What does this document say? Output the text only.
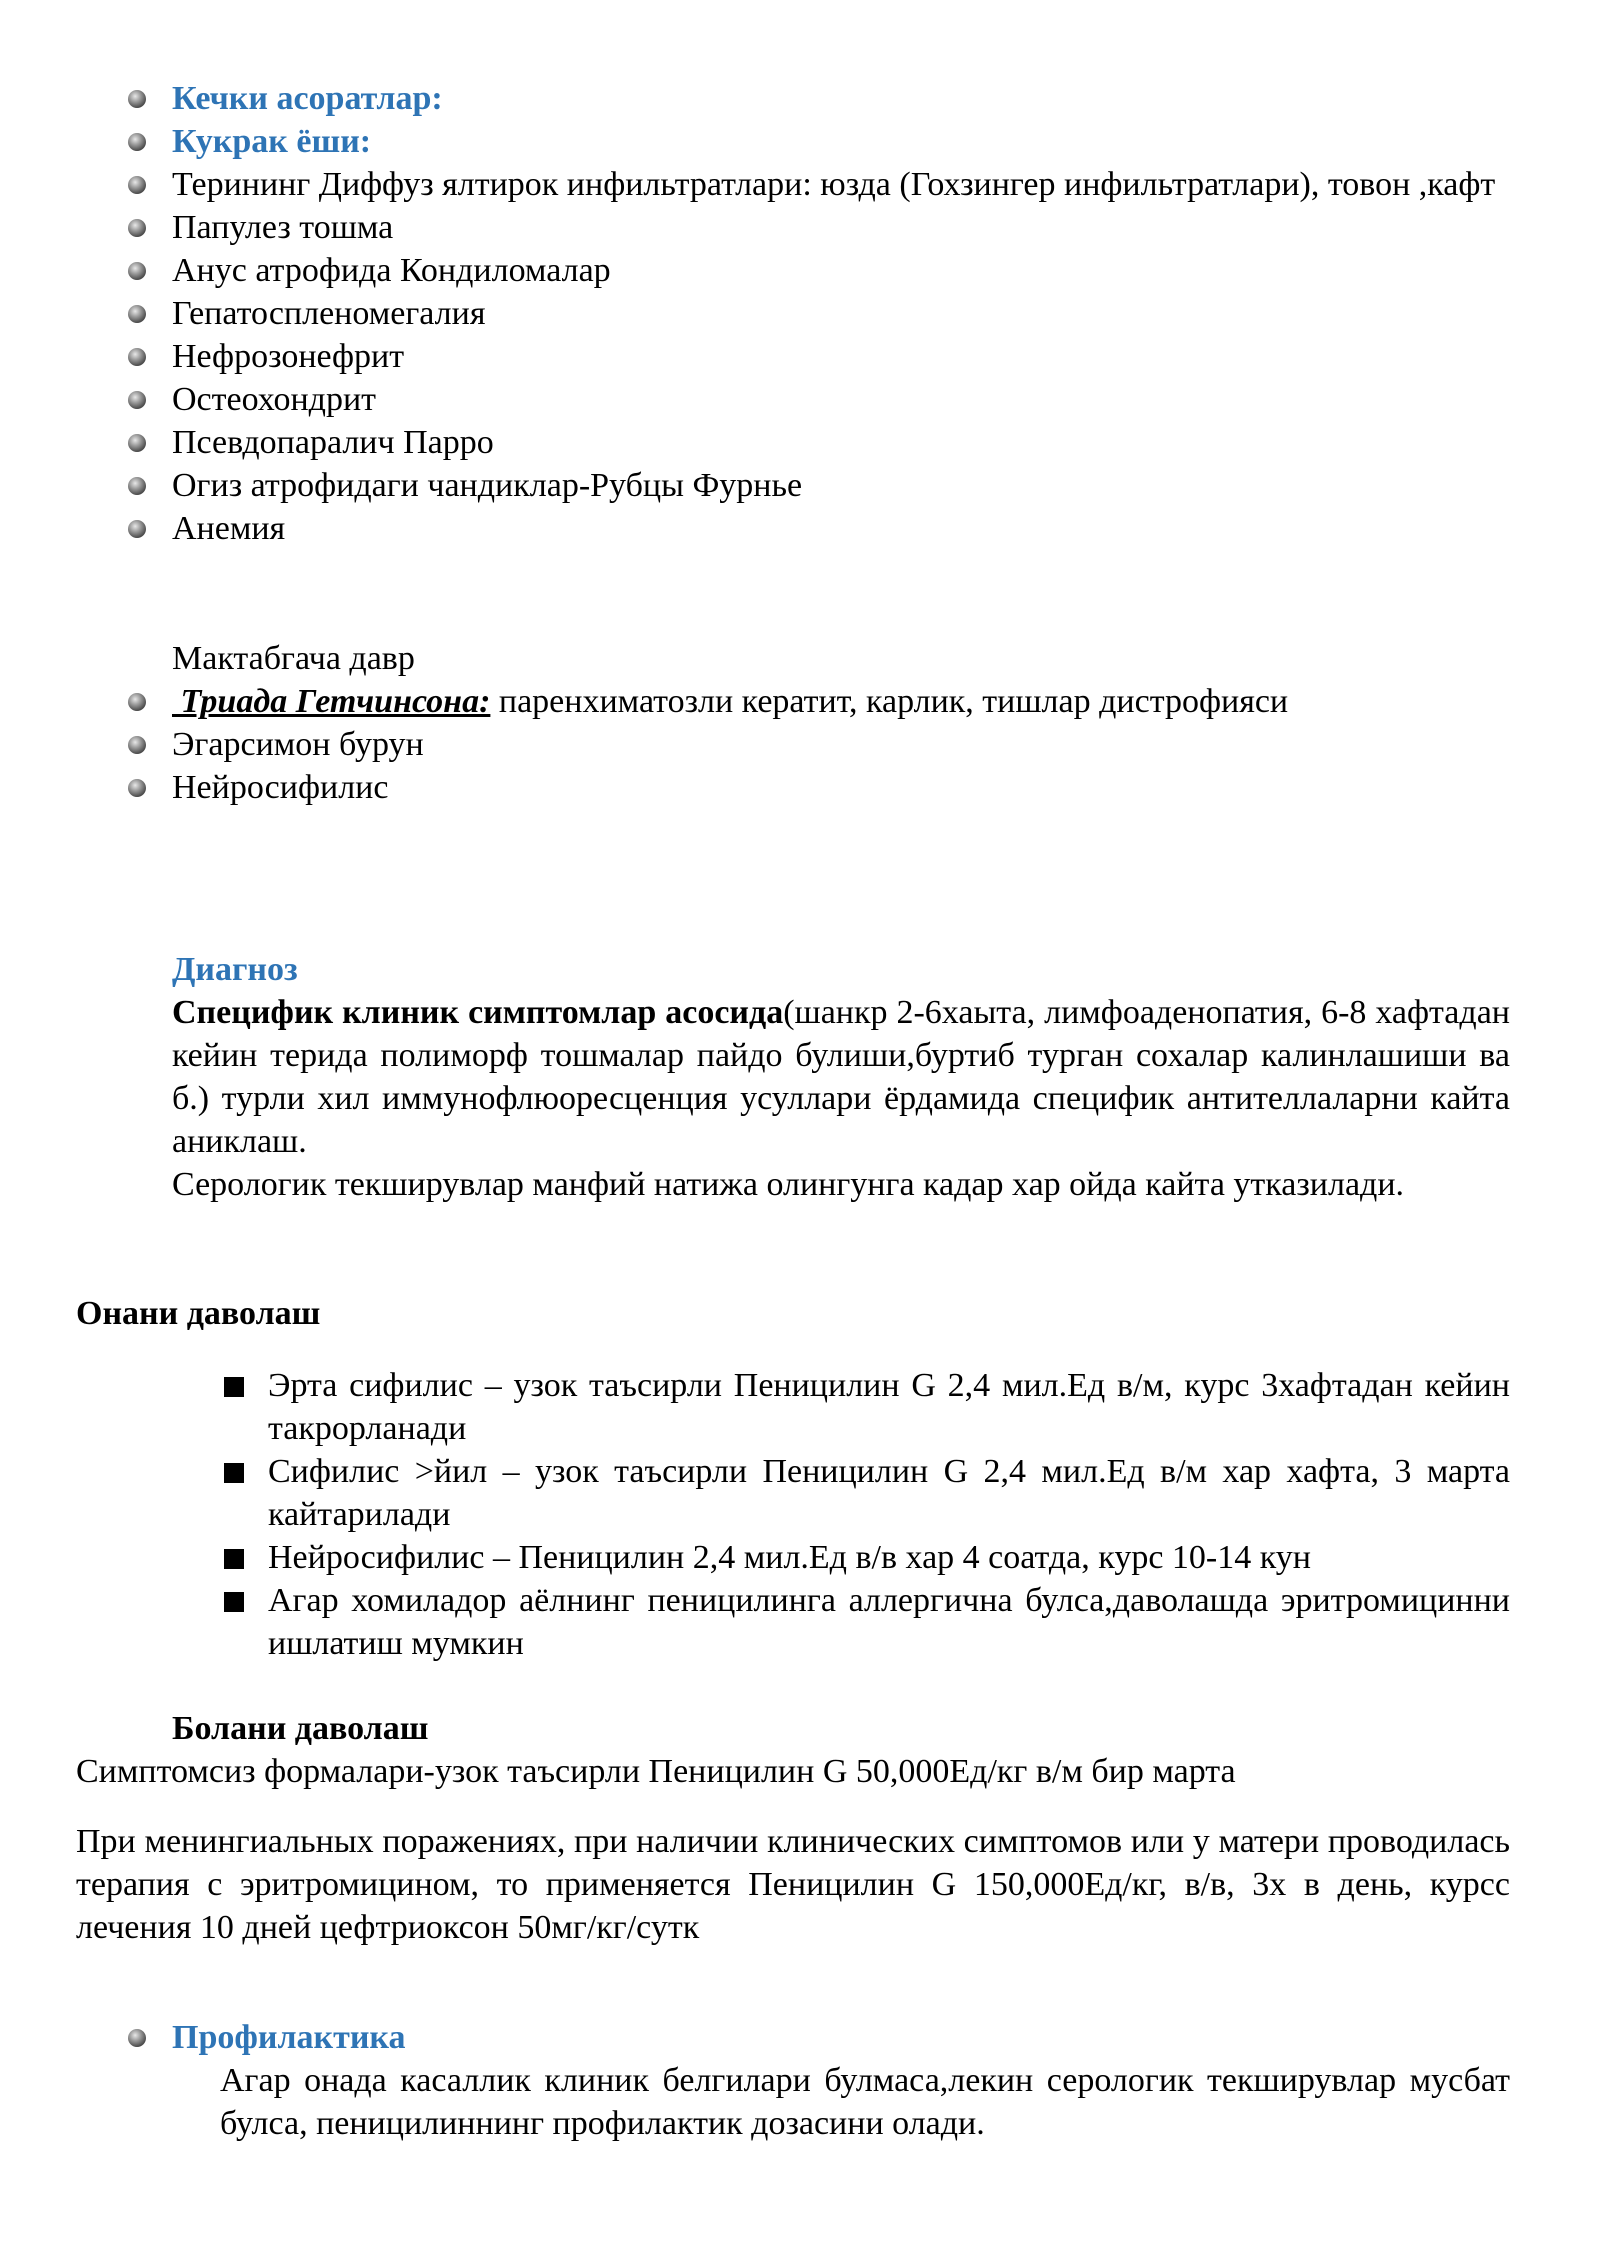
Кечки асоратлар:
Кукрак ёши:
Терининг Диффуз ялтирок инфильтратлари: юзда (Гохзингер инфильтратлари), товон ,кафт
Папулез тошма
Анус атрофида Кондиломалар
Гепатоспленомегалия
Нефрозонефрит
Остеохондрит
Псевдопаралич Парро
Огиз атрофидаги чандиклар-Рубцы Фурнье
Анемия
Мактабгача давр
Триада Гетчинсона: паренхиматозли кератит, карлик, тишлар дистрофияси
Эгарсимон бурун
Нейросифилис
Диагноз
Специфик клиник симптомлар асосида(шанкр 2-6хаыта, лимфоаденопатия, 6-8 хафтадан кейин терида полиморф тошмалар пайдо булиши,буртиб турган сохалар калинлашиши ва б.) турли хил иммунофлюоресценция усуллари ёрдамида специфик антителлаларни кайта аниклаш.
Серологик текширувлар манфий натижа олингунга кадар хар ойда кайта утказилади.
Онани даволаш
Эрта сифилис – узок таъсирли Пеницилин G 2,4 мил.Ед в/м, курс 3хафтадан кейин такрорланади
Сифилис >йил – узок таъсирли Пеницилин G 2,4 мил.Ед в/м хар хафта, 3 марта кайтарилади
Нейросифилис – Пеницилин 2,4 мил.Ед в/в хар 4 соатда, курс 10-14 кун
Агар хомиладор аёлнинг пеницилинга аллергична булса,даволашда эритромицинни ишлатиш мумкин
Болани даволаш
Симптомсиз формалари-узок таъсирли Пеницилин G 50,000Ед/кг в/м бир марта
При менингиальных поражениях, при наличии клинических симптомов или у матери проводилась терапия с эритромицином, то применяется Пеницилин G 150,000Ед/кг, в/в, 3х в день, курсс лечения 10 дней цефтриоксон 50мг/кг/сутк
Профилактика
Агар онада касаллик клиник белгилари булмаса,лекин серологик текширувлар мусбат булса, пеницилиннинг профилактик дозасини олади.
